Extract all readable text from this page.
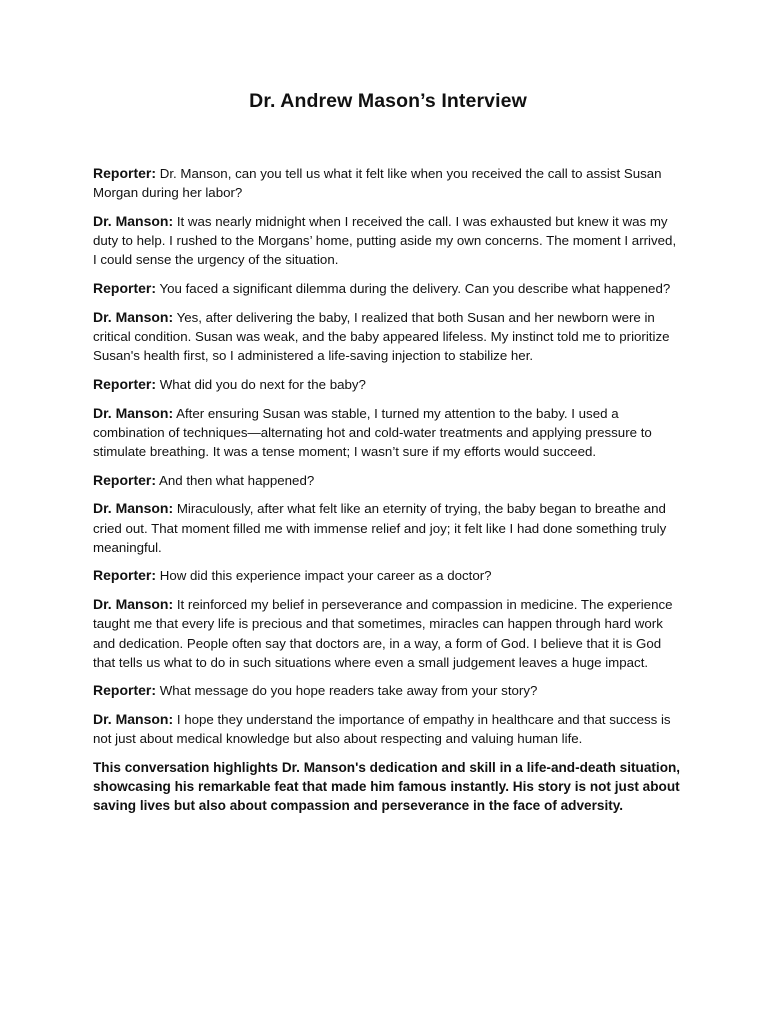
Dr. Andrew Mason’s Interview

Reporter: Dr. Manson, can you tell us what it felt like when you received the call to assist Susan Morgan during her labor?

Dr. Manson: It was nearly midnight when I received the call. I was exhausted but knew it was my duty to help. I rushed to the Morgans’ home, putting aside my own concerns. The moment I arrived, I could sense the urgency of the situation.

Reporter: You faced a significant dilemma during the delivery. Can you describe what happened?

Dr. Manson: Yes, after delivering the baby, I realized that both Susan and her newborn were in critical condition. Susan was weak, and the baby appeared lifeless. My instinct told me to prioritize Susan's health first, so I administered a life-saving injection to stabilize her.

Reporter: What did you do next for the baby?

Dr. Manson: After ensuring Susan was stable, I turned my attention to the baby. I used a combination of techniques—alternating hot and cold-water treatments and applying pressure to stimulate breathing. It was a tense moment; I wasn’t sure if my efforts would succeed.

Reporter: And then what happened?

Dr. Manson: Miraculously, after what felt like an eternity of trying, the baby began to breathe and cried out. That moment filled me with immense relief and joy; it felt like I had done something truly meaningful.

Reporter: How did this experience impact your career as a doctor?

Dr. Manson: It reinforced my belief in perseverance and compassion in medicine. The experience taught me that every life is precious and that sometimes, miracles can happen through hard work and dedication. People often say that doctors are, in a way, a form of God. I believe that it is God that tells us what to do in such situations where even a small judgement leaves a huge impact.

Reporter: What message do you hope readers take away from your story?

Dr. Manson: I hope they understand the importance of empathy in healthcare and that success is not just about medical knowledge but also about respecting and valuing human life.

This conversation highlights Dr. Manson's dedication and skill in a life-and-death situation, showcasing his remarkable feat that made him famous instantly. His story is not just about saving lives but also about compassion and perseverance in the face of adversity.
